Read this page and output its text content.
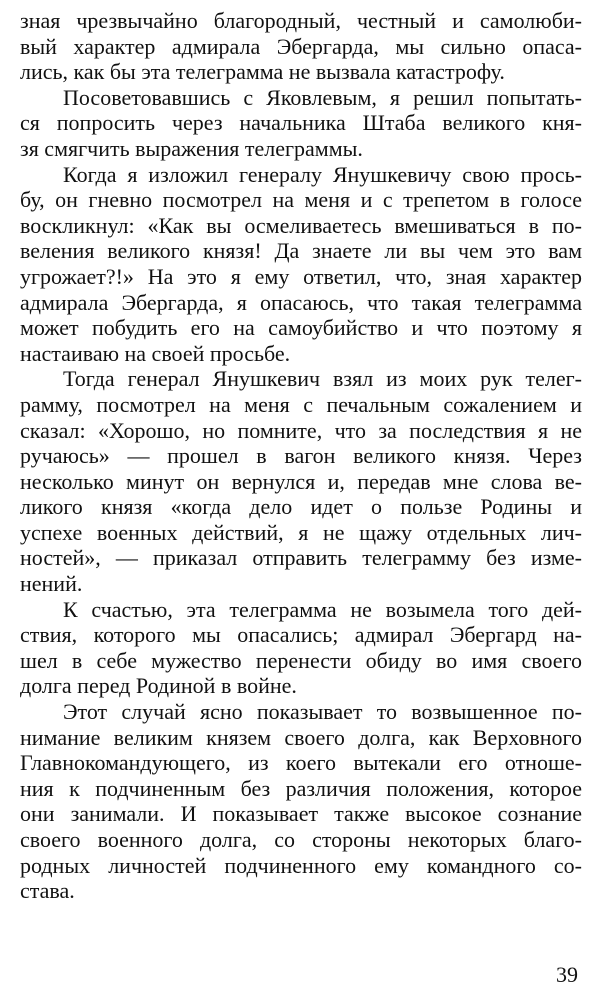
зная чрезвычайно благородный, честный и самолюби-
вый характер адмирала Эбергарда, мы сильно опаса-
лись, как бы эта телеграмма не вызвала катастрофу.
Посоветовавшись с Яковлевым, я решил попытать-
ся попросить через начальника Штаба великого кня-
зя смягчить выражения телеграммы.
Когда я изложил генералу Янушкевичу свою прось-
бу, он гневно посмотрел на меня и с трепетом в голосе
воскликнул: «Как вы осмеливаетесь вмешиваться в по-
веления великого князя! Да знаете ли вы чем это вам
угрожает?!» На это я ему ответил, что, зная характер
адмирала Эбергарда, я опасаюсь, что такая телеграмма
может побудить его на самоубийство и что поэтому я
настаиваю на своей просьбе.
Тогда генерал Янушкевич взял из моих рук телег-
рамму, посмотрел на меня с печальным сожалением и
сказал: «Хорошо, но помните, что за последствия я не
ручаюсь» — прошел в вагон великого князя. Через
несколько минут он вернулся и, передав мне слова ве-
ликого князя «когда дело идет о пользе Родины и
успехе военных действий, я не щажу отдельных лич-
ностей», — приказал отправить телеграмму без изме-
нений.
К счастью, эта телеграмма не возымела того дей-
ствия, которого мы опасались; адмирал Эбергард на-
шел в себе мужество перенести обиду во имя своего
долга перед Родиной в войне.
Этот случай ясно показывает то возвышенное по-
нимание великим князем своего долга, как Верховного
Главнокомандующего, из коего вытекали его отноше-
ния к подчиненным без различия положения, которое
они занимали. И показывает также высокое сознание
своего военного долга, со стороны некоторых благо-
родных личностей подчиненного ему командного со-
става.
39
